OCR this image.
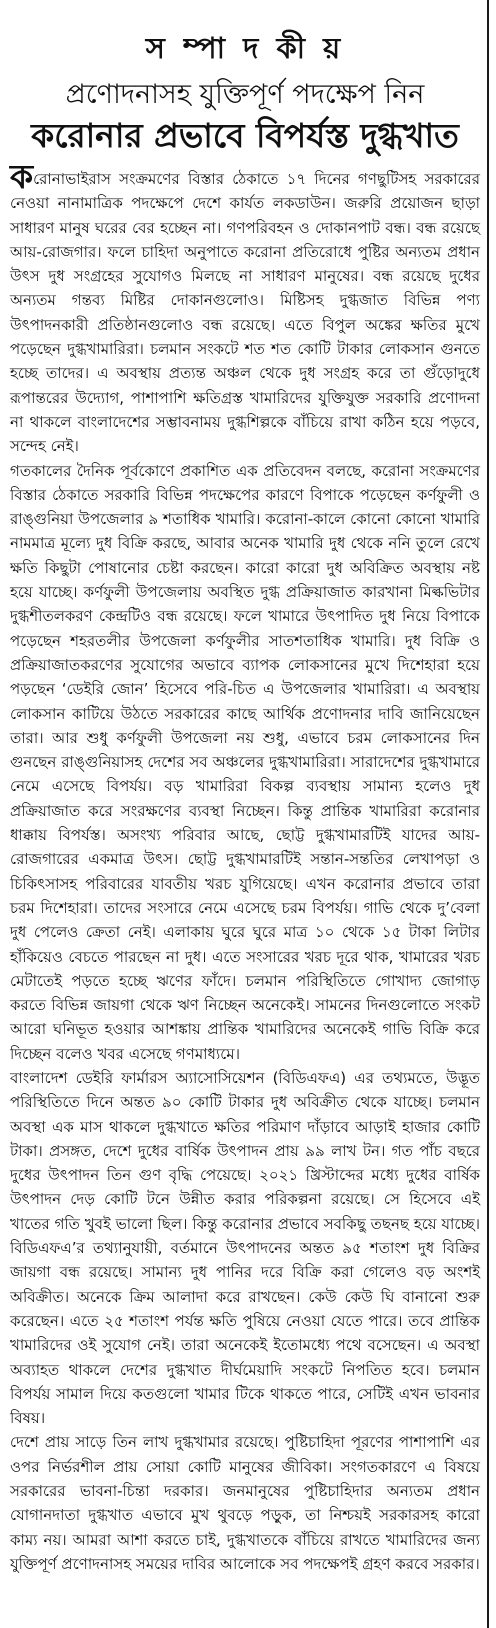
স ম্পা দ কী য়
প্রণোদনাসহ যুক্তিপূর্ণ পদক্ষেপ নিন
করোনার প্রভাবে বিপর্যস্ত দুগ্ধখাত

করোনাভাইরাস সংক্রমণের বিস্তার ঠেকাতে ১৭ দিনের গণছুটিসহ সরকারের নেওয়া নানামাত্রিক পদক্ষেপে দেশে কার্যত লকডাউন। জরুরি প্রয়োজন ছাড়া সাধারণ মানুষ ঘরের বের হচ্ছেন না। গণপরিবহন ও দোকানপাট বন্ধ। বন্ধ রয়েছে আয়-রোজগার। ফলে চাহিদা অনুপাতে করোনা প্রতিরোধে পুষ্টির অন্যতম প্রধান উৎস দুধ সংগ্রহের সুযোগও মিলছে না সাধারণ মানুষের। বন্ধ রয়েছে দুধের অন্যতম গন্তব্য মিষ্টির দোকানগুলোও। মিষ্টিসহ দুগ্ধজাত বিভিন্ন পণ্য উৎপাদনকারী প্রতিষ্ঠানগুলোও বন্ধ রয়েছে। এতে বিপুল অঙ্কের ক্ষতির মুখে পড়েছেন দুগ্ধখামারিরা। চলমান সংকটে শত শত কোটি টাকার লোকসান গুনতে হচ্ছে তাদের। এ অবস্থায় প্রত্যন্ত অঞ্চল থেকে দুধ সংগ্রহ করে তা গুঁড়োদুধে রূপান্তরের উদ্যোগ, পাশাপাশি ক্ষতিগ্রস্ত খামারিদের যুক্তিযুক্ত সরকারি প্রণোদনা না থাকলে বাংলাদেশের সম্ভাবনাময় দুগ্ধশিল্পকে বাঁচিয়ে রাখা কঠিন হয়ে পড়বে, সন্দেহ নেই।

গতকালের দৈনিক পূর্বকোণে প্রকাশিত এক প্রতিবেদন বলছে, করোনা সংক্রমণের বিস্তার ঠেকাতে সরকারি বিভিন্ন পদক্ষেপের কারণে বিপাকে পড়েছেন কর্ণফুলী ও রাঙ্গুনিয়া উপজেলার ৯ শতাধিক খামারি। করোনা-কালে কোনো কোনো খামারি নামমাত্র মূল্যে দুধ বিক্রি করছে, আবার অনেক খামারি দুধ থেকে ননি তুলে রেখে ক্ষতি কিছুটা পোষানোর চেষ্টা করছেন। কারো কারো দুধ অবিক্রিত অবস্থায় নষ্ট হয়ে যাচ্ছে। কর্ণফুলী উপজেলায় অবস্থিত দুগ্ধ প্রক্রিয়াজাত কারখানা মিল্কভিটার দুগ্ধশীতলকরণ কেন্দ্রটিও বন্ধ রয়েছে। ফলে খামারে উৎপাদিত দুধ নিয়ে বিপাকে পড়েছেন শহরতলীর উপজেলা কর্ণফুলীর সাতশতাধিক খামারি। দুধ বিক্রি ও প্রক্রিয়াজাতকরণের সুযোগের অভাবে ব্যাপক লোকসানের মুখে দিশেহারা হয়ে পড়ছেন ‘ডেইরি জোন’ হিসেবে পরি-চিত এ উপজেলার খামারিরা। এ অবস্থায় লোকসান কাটিয়ে উঠতে সরকারের কাছে আর্থিক প্রণোদনার দাবি জানিয়েছেন তারা। আর শুধু কর্ণফুলী উপজেলা নয় শুধু, এভাবে চরম লোকসানের দিন গুনছেন রাঙ্গুনিয়াসহ দেশের সব অঞ্চলের দুগ্ধখামারিরা। সারাদেশের দুগ্ধখামারে নেমে এসেছে বিপর্যয়। বড় খামারিরা বিকল্প ব্যবস্থায় সামান্য হলেও দুধ প্রক্রিয়াজাত করে সংরক্ষণের ব্যবস্থা নিচ্ছেন। কিন্তু প্রান্তিক খামারিরা করোনার ধাক্কায় বিপর্যস্ত। অসংখ্য পরিবার আছে, ছোট্ট দুগ্ধখামারটিই যাদের আয়-রোজগারের একমাত্র উৎস। ছোট্ট দুগ্ধখামারটিই সন্তান-সন্ততির লেখাপড়া ও চিকিৎসাসহ পরিবারের যাবতীয় খরচ যুগিয়েছে। এখন করোনার প্রভাবে তারা চরম দিশেহারা। তাদের সংসারে নেমে এসেছে চরম বিপর্যয়। গাভি থেকে দু’বেলা দুধ পেলেও ক্রেতা নেই। এলাকায় ঘুরে ঘুরে মাত্র ১০ থেকে ১৫ টাকা লিটার হাঁকিয়েও বেচতে পারছেন না দুধ। এতে সংসারের খরচ দূরে থাক, খামারের খরচ মেটাতেই পড়তে হচ্ছে ঋণের ফাঁদে। চলমান পরিস্থিতিতে গোখাদ্য জোগাড় করতে বিভিন্ন জায়গা থেকে ঋণ নিচ্ছেন অনেকেই। সামনের দিনগুলোতে সংকট আরো ঘনিভূত হওয়ার আশঙ্কায় প্রান্তিক খামারিদের অনেকেই গাভি বিক্রি করে দিচ্ছেন বলেও খবর এসেছে গণমাধ্যমে।

বাংলাদেশ ডেইরি ফার্মারস অ্যাসোসিয়েশন (বিডিএফএ) এর তথ্যমতে, উদ্ভূত পরিস্থিতিতে দিনে অন্তত ৯০ কোটি টাকার দুধ অবিক্রীত থেকে যাচ্ছে। চলমান অবস্থা এক মাস থাকলে দুগ্ধখাতে ক্ষতির পরিমাণ দাঁড়াবে আড়াই হাজার কোটি টাকা। প্রসঙ্গত, দেশে দুধের বার্ষিক উৎপাদন প্রায় ৯৯ লাখ টন। গত পাঁচ বছরে দুধের উৎপাদন তিন গুণ বৃদ্ধি পেয়েছে। ২০২১ খ্রিস্টাব্দের মধ্যে দুধের বার্ষিক উৎপাদন দেড় কোটি টনে উন্নীত করার পরিকল্পনা রয়েছে। সে হিসেবে এই খাতের গতি খুবই ভালো ছিল। কিন্তু করোনার প্রভাবে সবকিছু তছনছ হয়ে যাচ্ছে। বিডিএফএ’র তথ্যানুযায়ী, বর্তমানে উৎপাদনের অন্তত ৯৫ শতাংশ দুধ বিক্রির জায়গা বন্ধ রয়েছে। সামান্য দুধ পানির দরে বিক্রি করা গেলেও বড় অংশই অবিক্রীত। অনেকে ক্রিম আলাদা করে রাখছেন। কেউ কেউ ঘি বানানো শুরু করেছেন। এতে ২৫ শতাংশ পর্যন্ত ক্ষতি পুষিয়ে নেওয়া যেতে পারে। তবে প্রান্তিক খামারিদের ওই সুযোগ নেই। তারা অনেকেই ইতোমধ্যে পথে বসেছেন। এ অবস্থা অব্যাহত থাকলে দেশের দুগ্ধখাত দীর্ঘমেয়াদি সংকটে নিপতিত হবে। চলমান বিপর্যয় সামাল দিয়ে কতগুলো খামার টিকে থাকতে পারে, সেটিই এখন ভাবনার বিষয়।

দেশে প্রায় সাড়ে তিন লাখ দুগ্ধখামার রয়েছে। পুষ্টিচাহিদা পূরণের পাশাপাশি এর ওপর নির্ভরশীল প্রায় সোয়া কোটি মানুষের জীবিকা। সংগতকারণে এ বিষয়ে সরকারের ভাবনা-চিন্তা দরকার। জনমানুষের পুষ্টিচাহিদার অন্যতম প্রধান যোগানদাতা দুগ্ধখাত এভাবে মুখ থুবড়ে পড়ুক, তা নিশ্চয়ই সরকারসহ কারো কাম্য নয়। আমরা আশা করতে চাই, দুগ্ধখাতকে বাঁচিয়ে রাখতে খামারিদের জন্য যুক্তিপূর্ণ প্রণোদনাসহ সময়ের দাবির আলোকে সব পদক্ষেপই গ্রহণ করবে সরকার।
